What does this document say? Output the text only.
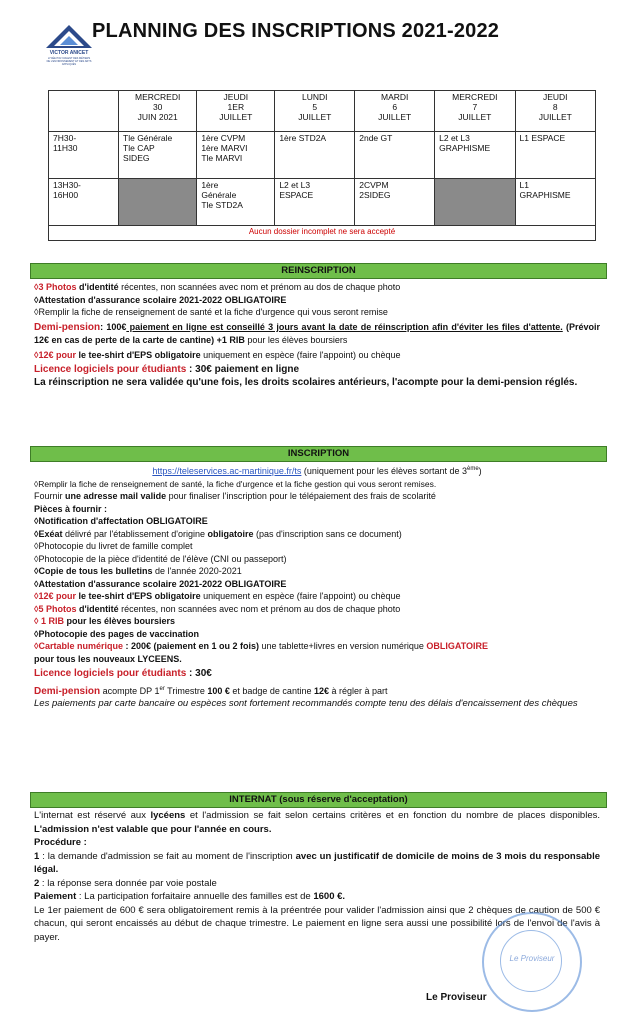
VICTOR ANICET
LYCÉE POLYVALENT DES MÉTIERS DE L'ENVIRONNEMENT ET DES ARTS APPLIQUÉS
PLANNING DES INSCRIPTIONS 2021-2022
	MERCREDI
30
JUIN 2021	JEUDI
1ER
JUILLET	LUNDI
5
JUILLET	MARDI
6
JUILLET	MERCREDI
7
JUILLET	JEUDI
8
JUILLET
7H30-
11H30	Tle Générale
Tle CAP
SIDEG	1ère CVPM
1ère MARVI
Tle MARVI	1ère STD2A	2nde GT	L2 et L3
GRAPHISME	L1 ESPACE
13H30-
16H00		1ère
Générale
Tle STD2A	L2 et L3
ESPACE	2CVPM
2SIDEG		L1
GRAPHISME
Aucun dossier incomplet ne sera accepté						
REINSCRIPTION
◊3 Photos d'identité récentes, non scannées avec nom et prénom au dos de chaque photo
◊Attestation d'assurance scolaire 2021-2022 OBLIGATOIRE
◊Remplir la fiche de renseignement de santé et la fiche d'urgence qui vous seront remise
Demi-pension: 100€ paiement en ligne est conseillé 3 jours avant la date de réinscription afin d'éviter les files d'attente. (Prévoir 12€ en cas de perte de la carte de cantine) +1 RIB pour les élèves boursiers
◊12€ pour le tee-shirt d'EPS obligatoire uniquement en espèce (faire l'appoint) ou chèque
Licence logiciels pour étudiants : 30€ paiement en ligne
La réinscription ne sera validée qu'une fois, les droits scolaires antérieurs, l'acompte pour la demi-pension réglés.
INSCRIPTION
https://teleservices.ac-martinique.fr/ts (uniquement pour les élèves sortant de 3ème)
◊Remplir la fiche de renseignement de santé, la fiche d'urgence et la fiche gestion qui vous seront remises.
Fournir une adresse mail valide pour finaliser l'inscription pour le télépaiement des frais de scolarité
Pièces à fournir :
◊Notification d'affectation OBLIGATOIRE
◊Exéat délivré par l'établissement d'origine obligatoire (pas d'inscription sans ce document)
◊Photocopie du livret de famille complet
◊Photocopie de la pièce d'identité de l'élève (CNI ou passeport)
◊Copie de tous les bulletins de l'année 2020-2021
◊Attestation d'assurance scolaire 2021-2022 OBLIGATOIRE
◊12€ pour le tee-shirt d'EPS obligatoire uniquement en espèce (faire l'appoint) ou chèque
◊5 Photos d'identité récentes, non scannées avec nom et prénom au dos de chaque photo
◊ 1 RIB pour les élèves boursiers
◊Photocopie des pages de vaccination
◊Cartable numérique : 200€ (paiement en 1 ou 2 fois) une tablette+livres en version numérique OBLIGATOIRE
pour tous les nouveaux LYCEENS.
Licence logiciels pour étudiants : 30€
Demi-pension acompte DP 1er Trimestre 100 € et badge de cantine 12€ à régler à part
Les paiements par carte bancaire ou espèces sont fortement recommandés compte tenu des délais d'encaissement des chèques
INTERNAT (sous réserve d'acceptation)
L'internat est réservé aux lycéens et l'admission se fait selon certains critères et en fonction du nombre de places disponibles. L'admission n'est valable que pour l'année en cours.
Procédure :
1 : la demande d'admission se fait au moment de l'inscription avec un justificatif de domicile de moins de 3 mois du responsable légal.
2 : la réponse sera donnée par voie postale
Paiement : La participation forfaitaire annuelle des familles est de 1600 €.
Le 1er paiement de 600 € sera obligatoirement remis à la préentrée pour valider l'admission ainsi que 2 chèques de caution de 500 € chacun, qui seront encaissés au début de chaque trimestre. Le paiement en ligne sera aussi une possibilité lors de l'envoi de l'avis à payer.
Le Proviseur
Le Proviseur
